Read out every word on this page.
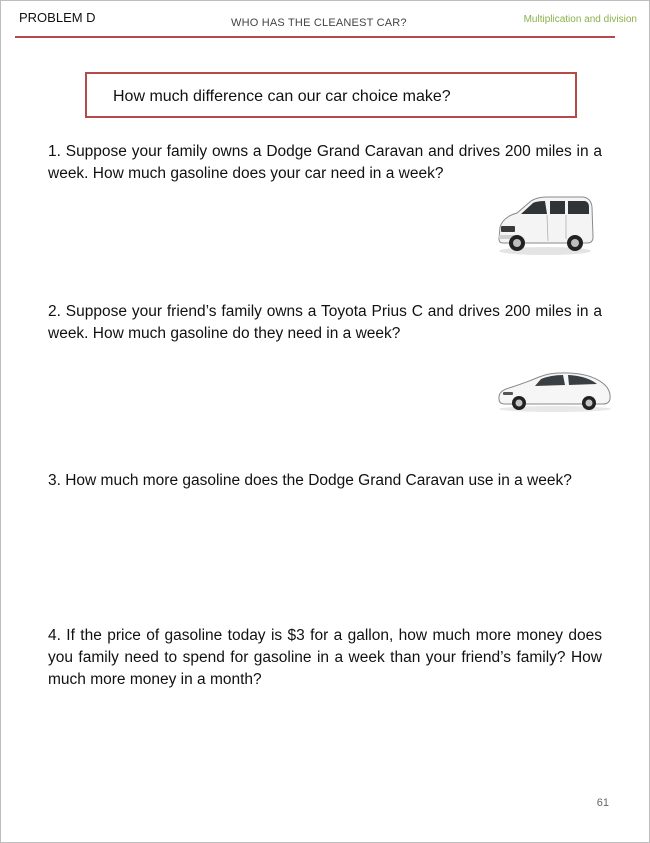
PROBLEM D	WHO HAS THE CLEANEST CAR?	Multiplication and division
How much difference can our car choice make?
1. Suppose your family owns a Dodge Grand Caravan and drives 200 miles in a week. How much gasoline does your car need in a week?
2. Suppose your friend’s family owns a Toyota Prius C and drives 200 miles in a week. How much gasoline do they need in a week?
3. How much more gasoline does the Dodge Grand Caravan use in a week?
4. If the price of gasoline today is $3 for a gallon, how much more money does you family need to spend for gasoline in a week than your friend’s family? How much more money in a month?
61
